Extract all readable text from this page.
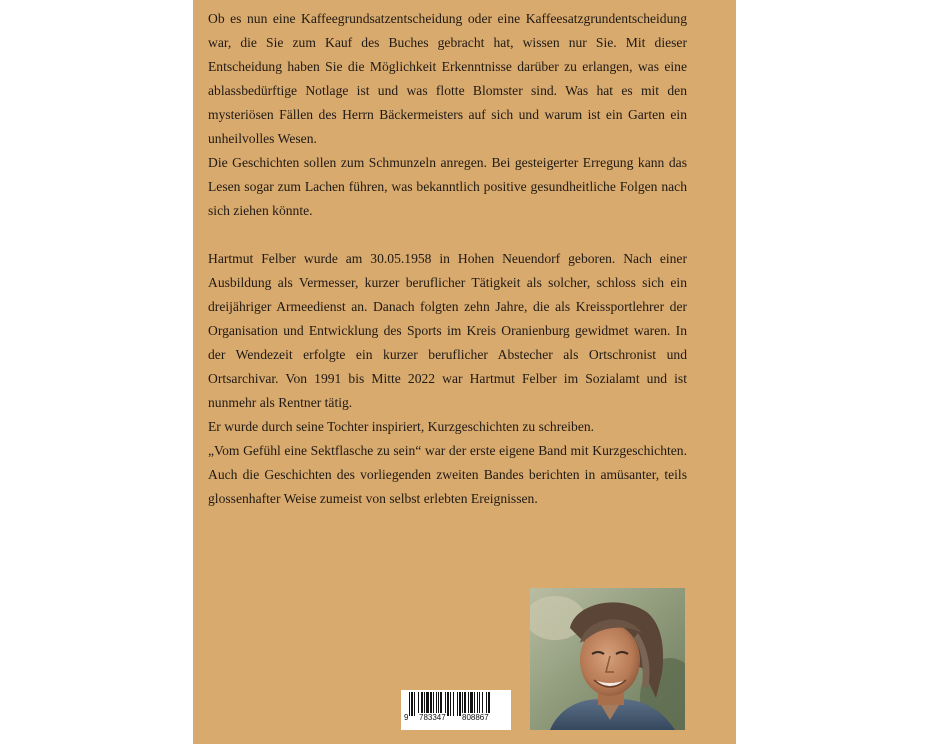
Ob es nun eine Kaffeegrundsatzentscheidung oder eine Kaffeesatzgrundentscheidung war, die Sie zum Kauf des Buches gebracht hat, wissen nur Sie. Mit dieser Entscheidung haben Sie die Möglichkeit Erkenntnisse darüber zu erlangen, was eine ablassbedürftige Notlage ist und was flotte Blomster sind. Was hat es mit den mysteriösen Fällen des Herrn Bäckermeisters auf sich und warum ist ein Garten ein unheilvolles Wesen.

Die Geschichten sollen zum Schmunzeln anregen. Bei gesteigerter Erregung kann das Lesen sogar zum Lachen führen, was bekanntlich positive gesundheitliche Folgen nach sich ziehen könnte.

Hartmut Felber wurde am 30.05.1958 in Hohen Neuendorf geboren. Nach einer Ausbildung als Vermesser, kurzer beruflicher Tätigkeit als solcher, schloss sich ein dreijähriger Armeedienst an. Danach folgten zehn Jahre, die als Kreissportlehrer der Organisation und Entwicklung des Sports im Kreis Oranienburg gewidmet waren. In der Wendezeit erfolgte ein kurzer beruflicher Abstecher als Ortschronist und Ortsarchivar. Von 1991 bis Mitte 2022 war Hartmut Felber im Sozialamt und ist nunmehr als Rentner tätig.

Er wurde durch seine Tochter inspiriert, Kurzgeschichten zu schreiben.

„Vom Gefühl eine Sektflasche zu sein“ war der erste eigene Band mit Kurzgeschichten. Auch die Geschichten des vorliegenden zweiten Bandes berichten in amüsanter, teils glossenhafter Weise zumeist von selbst erlebten Ereignissen.

9 783347 808867
